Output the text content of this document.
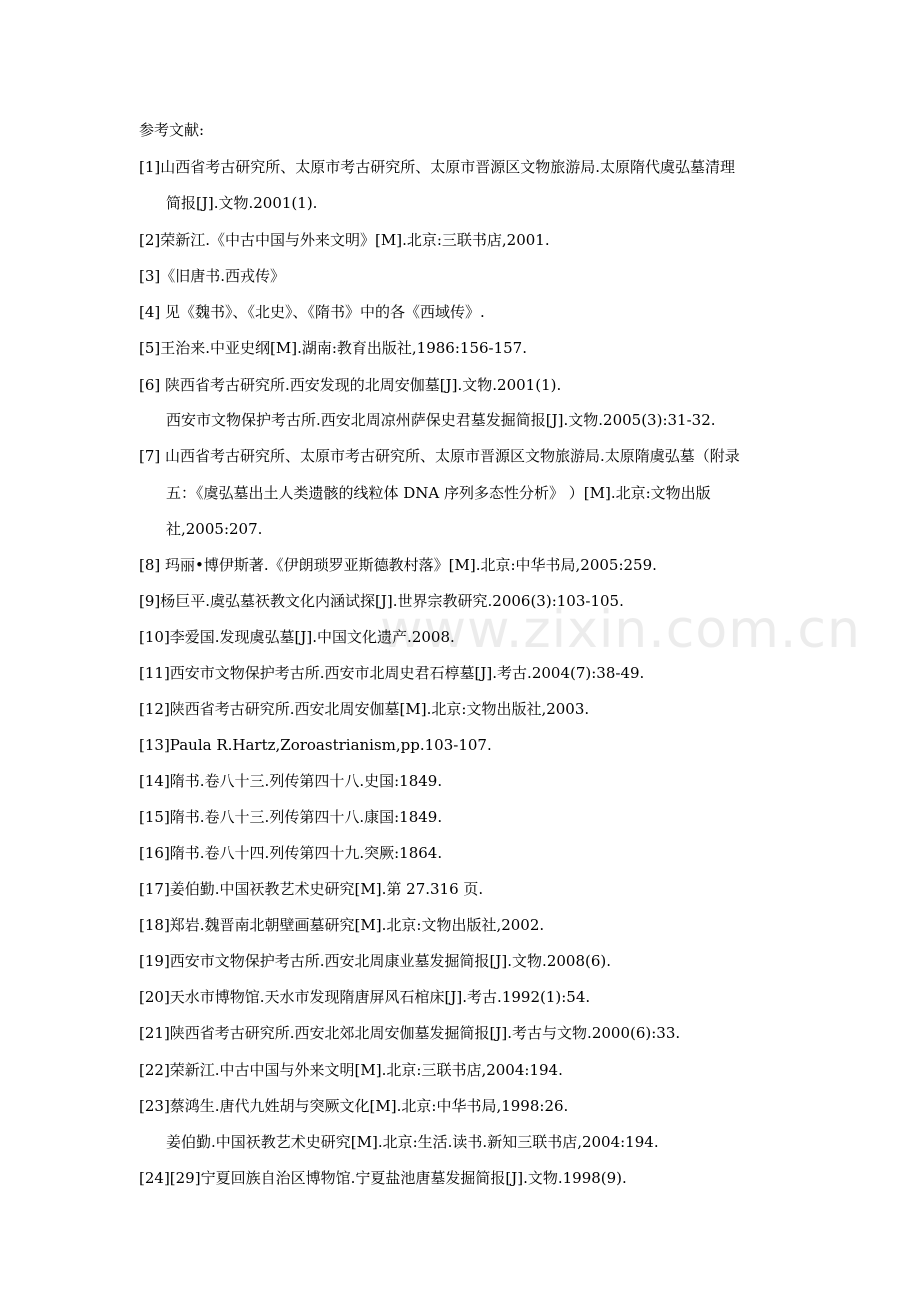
www.zixin.com.cn
参考文献:
[1]山西省考古研究所、太原市考古研究所、太原市晋源区文物旅游局.太原隋代虞弘墓清理
简报[J].文物.2001(1).
[2]荣新江.《中古中国与外来文明》[M].北京:三联书店,2001.
[3]《旧唐书.西戎传》
[4] 见《魏书》、《北史》、《隋书》中的各《西域传》.
[5]王治来.中亚史纲[M].湖南:教育出版社,1986:156-157.
[6] 陕西省考古研究所.西安发现的北周安伽墓[J].文物.2001(1).
西安市文物保护考古所.西安北周凉州萨保史君墓发掘简报[J].文物.2005(3):31-32.
[7] 山西省考古研究所、太原市考古研究所、太原市晋源区文物旅游局.太原隋虞弘墓（附录
五：《虞弘墓出土人类遗骸的线粒体 DNA 序列多态性分析》 ）[M].北京:文物出版
社,2005:207.
[8] 玛丽•博伊斯著.《伊朗琐罗亚斯德教村落》[M].北京:中华书局,2005:259.
[9]杨巨平.虞弘墓祆教文化内涵试探[J].世界宗教研究.2006(3):103-105.
[10]李爱国.发现虞弘墓[J].中国文化遗产.2008.
[11]西安市文物保护考古所.西安市北周史君石椁墓[J].考古.2004(7):38-49.
[12]陕西省考古研究所.西安北周安伽墓[M].北京:文物出版社,2003.
[13]Paula R.Hartz,Zoroastrianism,pp.103-107.
[14]隋书.卷八十三.列传第四十八.史国:1849.
[15]隋书.卷八十三.列传第四十八.康国:1849.
[16]隋书.卷八十四.列传第四十九.突厥:1864.
[17]姜伯勤.中国祆教艺术史研究[M].第 27.316 页.
[18]郑岩.魏晋南北朝壁画墓研究[M].北京:文物出版社,2002.
[19]西安市文物保护考古所.西安北周康业墓发掘简报[J].文物.2008(6).
[20]天水市博物馆.天水市发现隋唐屏风石棺床[J].考古.1992(1):54.
[21]陕西省考古研究所.西安北郊北周安伽墓发掘简报[J].考古与文物.2000(6):33.
[22]荣新江.中古中国与外来文明[M].北京:三联书店,2004:194.
[23]蔡鸿生.唐代九姓胡与突厥文化[M].北京:中华书局,1998:26.
姜伯勤.中国祆教艺术史研究[M].北京:生活.读书.新知三联书店,2004:194.
[24][29]宁夏回族自治区博物馆.宁夏盐池唐墓发掘简报[J].文物.1998(9).
